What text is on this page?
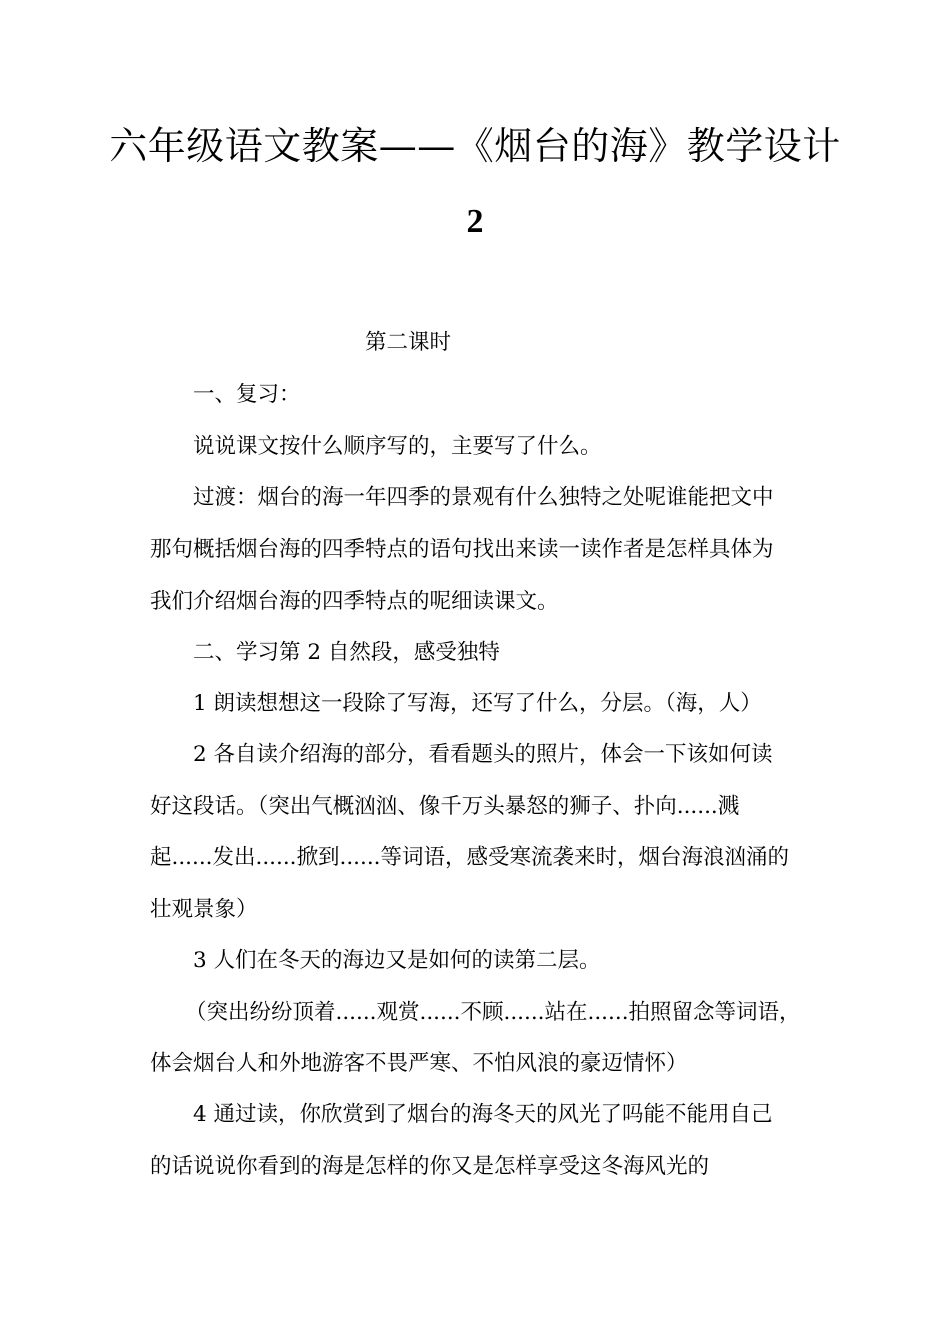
六年级语文教案——《烟台的海》教学设计
2
第二课时
一、复习：
说说课文按什么顺序写的，主要写了什么。
过渡：烟台的海一年四季的景观有什么独特之处呢谁能把文中
那句概括烟台海的四季特点的语句找出来读一读作者是怎样具体为
我们介绍烟台海的四季特点的呢细读课文。
二、学习第 2 自然段，感受独特
1 朗读想想这一段除了写海，还写了什么，分层。（海，人）
2 各自读介绍海的部分，看看题头的照片，体会一下该如何读
好这段话。（突出气概汹汹、像千万头暴怒的狮子、扑向......溅
起......发出......掀到......等词语，感受寒流袭来时，烟台海浪汹涌的
壮观景象）
3 人们在冬天的海边又是如何的读第二层。
（突出纷纷顶着......观赏......不顾......站在......拍照留念等词语，
体会烟台人和外地游客不畏严寒、不怕风浪的豪迈情怀）
4 通过读，你欣赏到了烟台的海冬天的风光了吗能不能用自己
的话说说你看到的海是怎样的你又是怎样享受这冬海风光的
